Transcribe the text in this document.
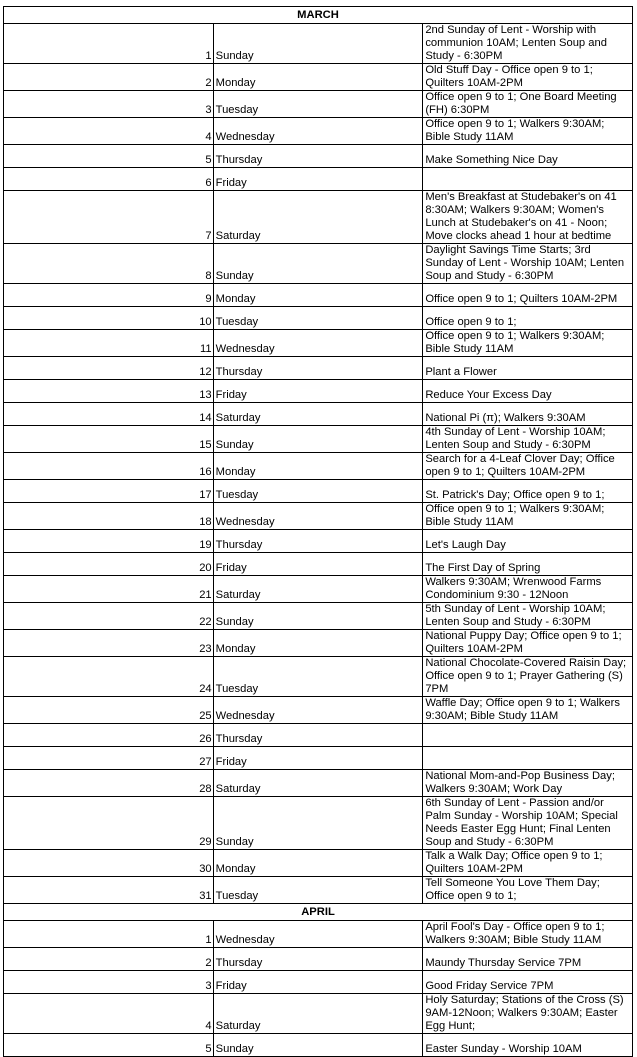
MARCH		
1	Sunday	2nd Sunday of Lent - Worship with communion 10AM; Lenten Soup and Study - 6:30PM
2	Monday	Old Stuff Day - Office open 9 to 1; Quilters 10AM-2PM
3	Tuesday	Office open 9 to 1; One Board Meeting (FH) 6:30PM
4	Wednesday	Office open 9 to 1; Walkers 9:30AM; Bible Study 11AM
5	Thursday	Make Something Nice Day
6	Friday	
7	Saturday	Men's Breakfast at Studebaker's on 41 8:30AM; Walkers 9:30AM; Women's Lunch at Studebaker's on 41 - Noon; Move clocks ahead 1 hour at bedtime
8	Sunday	Daylight Savings Time Starts; 3rd Sunday of Lent - Worship 10AM; Lenten Soup and Study - 6:30PM
9	Monday	Office open 9 to 1; Quilters 10AM-2PM
10	Tuesday	Office open 9 to 1;
11	Wednesday	Office open 9 to 1; Walkers 9:30AM; Bible Study 11AM
12	Thursday	Plant a Flower
13	Friday	Reduce Your Excess Day
14	Saturday	National Pi (π); Walkers 9:30AM
15	Sunday	4th Sunday of Lent - Worship 10AM; Lenten Soup and Study - 6:30PM
16	Monday	Search for a 4-Leaf Clover Day; Office open 9 to 1; Quilters 10AM-2PM
17	Tuesday	St. Patrick's Day; Office open 9 to 1;
18	Wednesday	Office open 9 to 1; Walkers 9:30AM; Bible Study 11AM
19	Thursday	Let's Laugh Day
20	Friday	The First Day of Spring
21	Saturday	Walkers 9:30AM; Wrenwood Farms Condominium 9:30 - 12Noon
22	Sunday	5th Sunday of Lent - Worship 10AM; Lenten Soup and Study - 6:30PM
23	Monday	National Puppy Day; Office open 9 to 1; Quilters 10AM-2PM
24	Tuesday	National Chocolate-Covered Raisin Day; Office open 9 to 1; Prayer Gathering (S) 7PM
25	Wednesday	Waffle Day; Office open 9 to 1; Walkers 9:30AM; Bible Study 11AM
26	Thursday	
27	Friday	
28	Saturday	National Mom-and-Pop Business Day; Walkers 9:30AM; Work Day
29	Sunday	6th Sunday of Lent - Passion and/or Palm Sunday - Worship 10AM; Special Needs Easter Egg Hunt; Final Lenten Soup and Study - 6:30PM
30	Monday	Talk a Walk Day; Office open 9 to 1; Quilters 10AM-2PM
31	Tuesday	Tell Someone You Love Them Day; Office open 9 to 1;
APRIL		
1	Wednesday	April Fool's Day - Office open 9 to 1; Walkers 9:30AM; Bible Study 11AM
2	Thursday	Maundy Thursday Service 7PM
3	Friday	Good Friday Service 7PM
4	Saturday	Holy Saturday; Stations of the Cross (S) 9AM-12Noon; Walkers 9:30AM; Easter Egg Hunt;
5	Sunday	Easter Sunday - Worship 10AM
